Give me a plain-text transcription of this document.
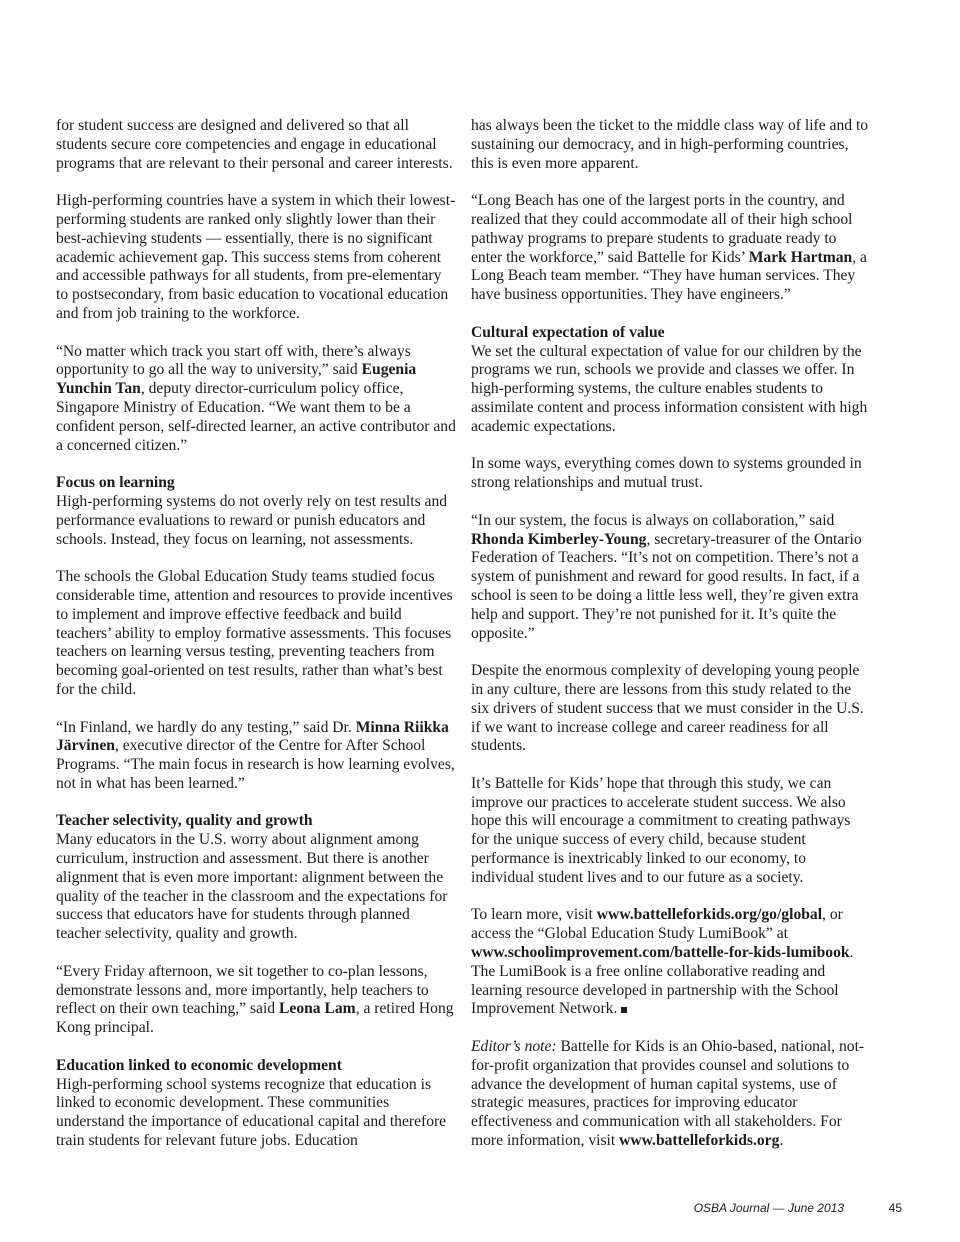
for student success are designed and delivered so that all students secure core competencies and engage in educational programs that are relevant to their personal and career interests.

High-performing countries have a system in which their lowest-performing students are ranked only slightly lower than their best-achieving students — essentially, there is no significant academic achievement gap. This success stems from coherent and accessible pathways for all students, from pre-elementary to postsecondary, from basic education to vocational education and from job training to the workforce.

“No matter which track you start off with, there’s always opportunity to go all the way to university,” said Eugenia Yunchin Tan, deputy director-curriculum policy office, Singapore Ministry of Education. “We want them to be a confident person, self-directed learner, an active contributor and a concerned citizen.”

Focus on learning

High-performing systems do not overly rely on test results and performance evaluations to reward or punish educators and schools. Instead, they focus on learning, not assessments.

The schools the Global Education Study teams studied focus considerable time, attention and resources to provide incentives to implement and improve effective feedback and build teachers’ ability to employ formative assessments. This focuses teachers on learning versus testing, preventing teachers from becoming goal-oriented on test results, rather than what’s best for the child.

“In Finland, we hardly do any testing,” said Dr. Minna Riikka Järvinen, executive director of the Centre for After School Programs. “The main focus in research is how learning evolves, not in what has been learned.”

Teacher selectivity, quality and growth

Many educators in the U.S. worry about alignment among curriculum, instruction and assessment. But there is another alignment that is even more important: alignment between the quality of the teacher in the classroom and the expectations for success that educators have for students through planned teacher selectivity, quality and growth.

“Every Friday afternoon, we sit together to co-plan lessons, demonstrate lessons and, more importantly, help teachers to reflect on their own teaching,” said Leona Lam, a retired Hong Kong principal.

Education linked to economic development

High-performing school systems recognize that education is linked to economic development. These communities understand the importance of educational capital and therefore train students for relevant future jobs. Education

has always been the ticket to the middle class way of life and to sustaining our democracy, and in high-performing countries, this is even more apparent.

“Long Beach has one of the largest ports in the country, and realized that they could accommodate all of their high school pathway programs to prepare students to graduate ready to enter the workforce,” said Battelle for Kids’ Mark Hartman, a Long Beach team member. “They have human services. They have business opportunities. They have engineers.”

Cultural expectation of value

We set the cultural expectation of value for our children by the programs we run, schools we provide and classes we offer. In high-performing systems, the culture enables students to assimilate content and process information consistent with high academic expectations.

In some ways, everything comes down to systems grounded in strong relationships and mutual trust.

“In our system, the focus is always on collaboration,” said Rhonda Kimberley-Young, secretary-treasurer of the Ontario Federation of Teachers. “It’s not on competition. There’s not a system of punishment and reward for good results. In fact, if a school is seen to be doing a little less well, they’re given extra help and support. They’re not punished for it. It’s quite the opposite.”

Despite the enormous complexity of developing young people in any culture, there are lessons from this study related to the six drivers of student success that we must consider in the U.S. if we want to increase college and career readiness for all students.

It’s Battelle for Kids’ hope that through this study, we can improve our practices to accelerate student success. We also hope this will encourage a commitment to creating pathways for the unique success of every child, because student performance is inextricably linked to our economy, to individual student lives and to our future as a society.

To learn more, visit www.battelleforkids.org/go/global, or access the “Global Education Study LumiBook” at www.schoolimprovement.com/battelle-for-kids-lumibook. The LumiBook is a free online collaborative reading and learning resource developed in partnership with the School Improvement Network.

Editor’s note: Battelle for Kids is an Ohio-based, national, not-for-profit organization that provides counsel and solutions to advance the development of human capital systems, use of strategic measures, practices for improving educator effectiveness and communication with all stakeholders. For more information, visit www.battelleforkids.org.

OSBA Journal — June 2013	45
